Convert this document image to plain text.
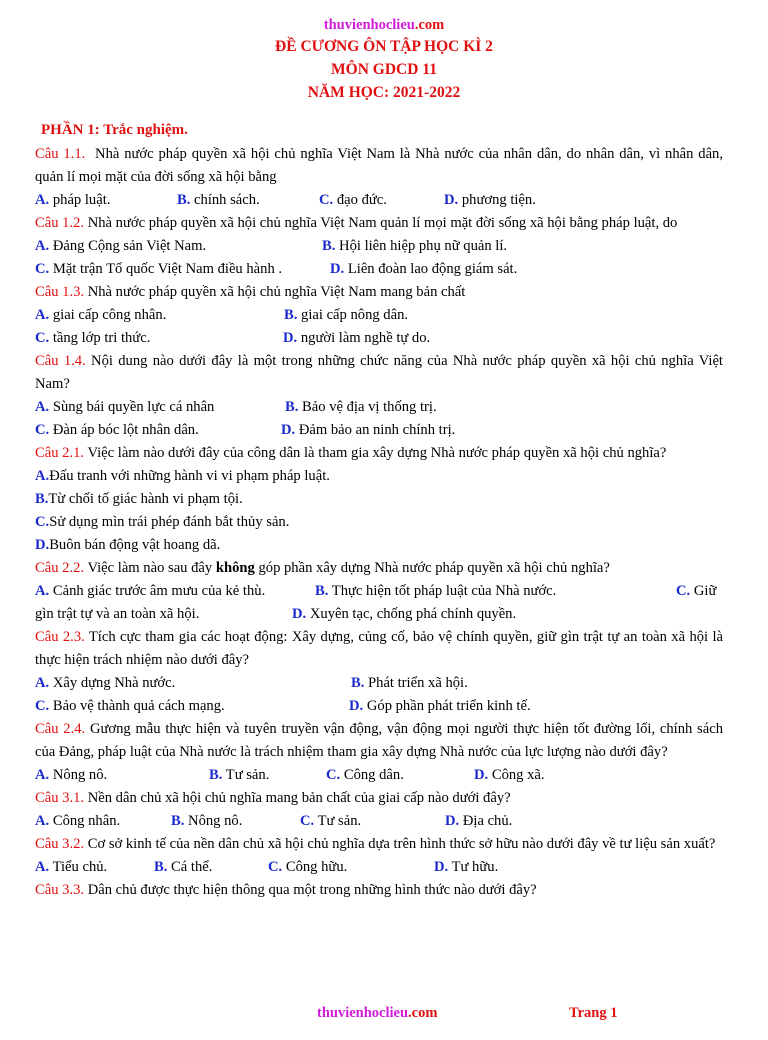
thuvienhoclieu.com

ĐỀ CƯƠNG ÔN TẬP HỌC KÌ 2

MÔN GDCD 11

NĂM HỌC: 2021-2022

PHẦN 1: Trắc nghiệm.

Câu 1.1. Nhà nước pháp quyền xã hội chủ nghĩa Việt Nam là Nhà nước của nhân dân, do nhân dân, vì nhân dân, quản lí mọi mặt của đời sống xã hội bằng

A. pháp luật.	B. chính sách.	C. đạo đức.	D. phương tiện.

Câu 1.2. Nhà nước pháp quyền xã hội chủ nghĩa Việt Nam quản lí mọi mặt đời sống xã hội bằng pháp luật, do

A. Đảng Cộng sản Việt Nam.	B. Hội liên hiệp phụ nữ quản lí.
C. Mặt trận Tổ quốc Việt Nam điều hành .	D. Liên đoàn lao động giám sát.

Câu 1.3. Nhà nước pháp quyền xã hội chủ nghĩa Việt Nam mang bản chất

A. giai cấp công nhân.	B. giai cấp nông dân.
C. tầng lớp tri thức.	D. người làm nghề tự do.

Câu 1.4. Nội dung nào dưới đây là một trong những chức năng của Nhà nước pháp quyền xã hội chủ nghĩa Việt Nam?

A. Sùng bái quyền lực cá nhân	B. Bảo vệ địa vị thống trị.
C. Đàn áp bóc lột nhân dân.	D. Đảm bảo an ninh chính trị.

Câu 2.1. Việc làm nào dưới đây của công dân là tham gia xây dựng Nhà nước pháp quyền xã hội chủ nghĩa?

A. Đấu tranh với những hành vi vi phạm pháp luật.
B. Từ chối tố giác hành vi phạm tội.
C. Sử dụng mìn trái phép đánh bắt thủy sản.
D. Buôn bán động vật hoang dã.

Câu 2.2. Việc làm nào sau đây không góp phần xây dựng Nhà nước pháp quyền xã hội chủ nghĩa?

A. Cảnh giác trước âm mưu của kẻ thù.	B. Thực hiện tốt pháp luật của Nhà nước.	C. Giữ
gìn trật tự và an toàn xã hội.	D. Xuyên tạc, chống phá chính quyền.

Câu 2.3. Tích cực tham gia các hoạt động: Xây dựng, củng cố, bảo vệ chính quyền, giữ gìn trật tự an toàn xã hội là thực hiện trách nhiệm nào dưới đây?

A. Xây dựng Nhà nước.	B. Phát triển xã hội.
C. Bảo vệ thành quả cách mạng.	D. Góp phần phát triển kinh tế.

Câu 2.4. Gương mẫu thực hiện và tuyên truyền vận động, vận động mọi người thực hiện tốt đường lối, chính sách của Đảng, pháp luật của Nhà nước là trách nhiệm tham gia xây dựng Nhà nước của lực lượng nào dưới đây?

A. Nông nô.	B. Tư sản.	C. Công dân.	D. Công xã.

Câu 3.1. Nền dân chủ xã hội chủ nghĩa mang bản chất của giai cấp nào dưới đây?

A. Công nhân.	B. Nông nô.	C. Tư sản.	D. Địa chủ.

Câu 3.2. Cơ sở kinh tế của nền dân chủ xã hội chủ nghĩa dựa trên hình thức sở hữu nào dưới đây về tư liệu sản xuất?

A. Tiểu chủ.	B. Cá thể.	C. Công hữu.	D. Tư hữu.

Câu 3.3. Dân chủ được thực hiện thông qua một trong những hình thức nào dưới đây?

thuvienhoclieu.com	Trang 1
